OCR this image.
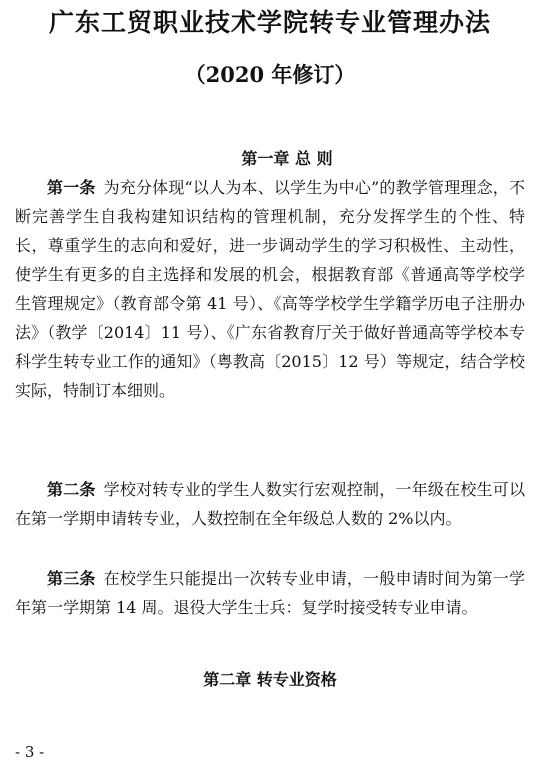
广东工贸职业技术学院转专业管理办法
（2020 年修订）
第一章 总 则

第一条 为充分体现“以人为本、以学生为中心”的教学管理理念，不断完善学生自我构建知识结构的管理机制，充分发挥学生的个性、特长，尊重学生的志向和爱好，进一步调动学生的学习积极性、主动性，使学生有更多的自主选择和发展的机会，根据教育部《普通高等学校学生管理规定》（教育部令第 41 号）、《高等学校学生学籍学历电子注册办法》（教学〔2014〕11 号）、《广东省教育厅关于做好普通高等学校本专科学生转专业工作的通知》（粤教高〔2015〕12 号）等规定，结合学校实际，特制订本细则。

第二条 学校对转专业的学生人数实行宏观控制，一年级在校生可以在第一学期申请转专业，人数控制在全年级总人数的 2%以内。

第三条 在校学生只能提出一次转专业申请，一般申请时间为第一学年第一学期第 14 周。退役大学生士兵：复学时接受转专业申请。

第二章 转专业资格
- 3 -
